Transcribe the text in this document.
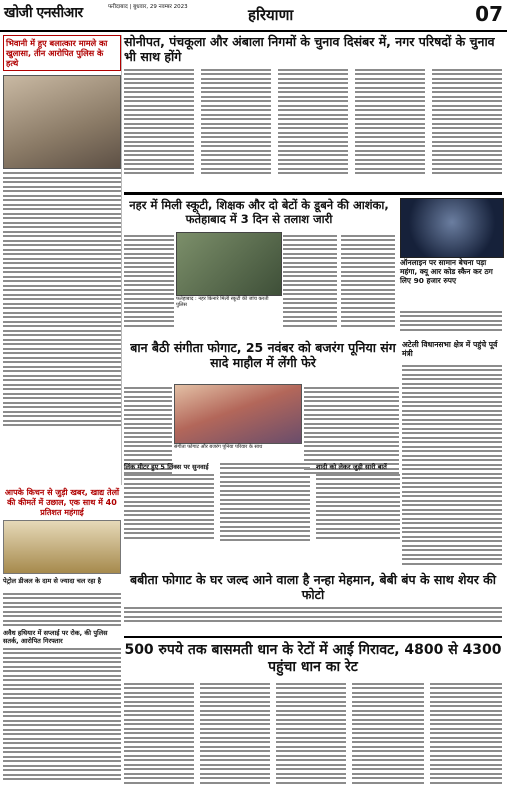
खोजी एनसीआर	फरीदाबाद | बुधवार, 29 नवम्बर 2023	हरियाणा	07
भिवानी में हुए बलात्कार मामले का खुलासा, तीन आरोपित पुलिस के हत्थे
सोनीपत, पंचकूला और अंबाला निगमों के चुनाव दिसंबर में, नगर परिषदों के चुनाव भी साथ होंगे
नहर में मिली स्कूटी, शिक्षक और दो बेटों के डूबने की आशंका, फतेहाबाद में 3 दिन से तलाश जारी
फतेहाबाद : नहर किनारे मिली स्कूटी की जांच करती पुलिस
ऑनलाइन पर सामान बेचना पड़ा महंगा, क्यू आर कोड स्कैन कर ठग लिए 90 हजार रुपए
बान बैठी संगीता फोगाट, 25 नवंबर को बजरंग पूनिया संग सादे माहौल में लेंगी फेरे
संगीता फोगाट और बजरंग पूनिया परिवार के साथ
लिंक मीटर हुए 5 लिंक्स पर सुनवाई	शादी को लेकर जुड़ी सारी बातें
अटेली विधानसभा क्षेत्र में पहुंचे पूर्व मंत्री
आपके किचन से जुड़ी खबर, खाद्य तेलों की कीमतें में उछाल, एक साथ में 40 प्रतिशत महंगाई
पेट्रोल डीजल के दाम से ज्यादा चल रहा है
अवैध हथियार में सप्लाई पर रोक, की पुलिस सतर्क, आरोपित गिरफ्तार
बबीता फोगाट के घर जल्द आने वाला है नन्हा मेहमान, बेबी बंप के साथ शेयर की फोटो
500 रुपये तक बासमती धान के रेटों में आई गिरावट, 4800 से 4300 पहुंचा धान का रेट
